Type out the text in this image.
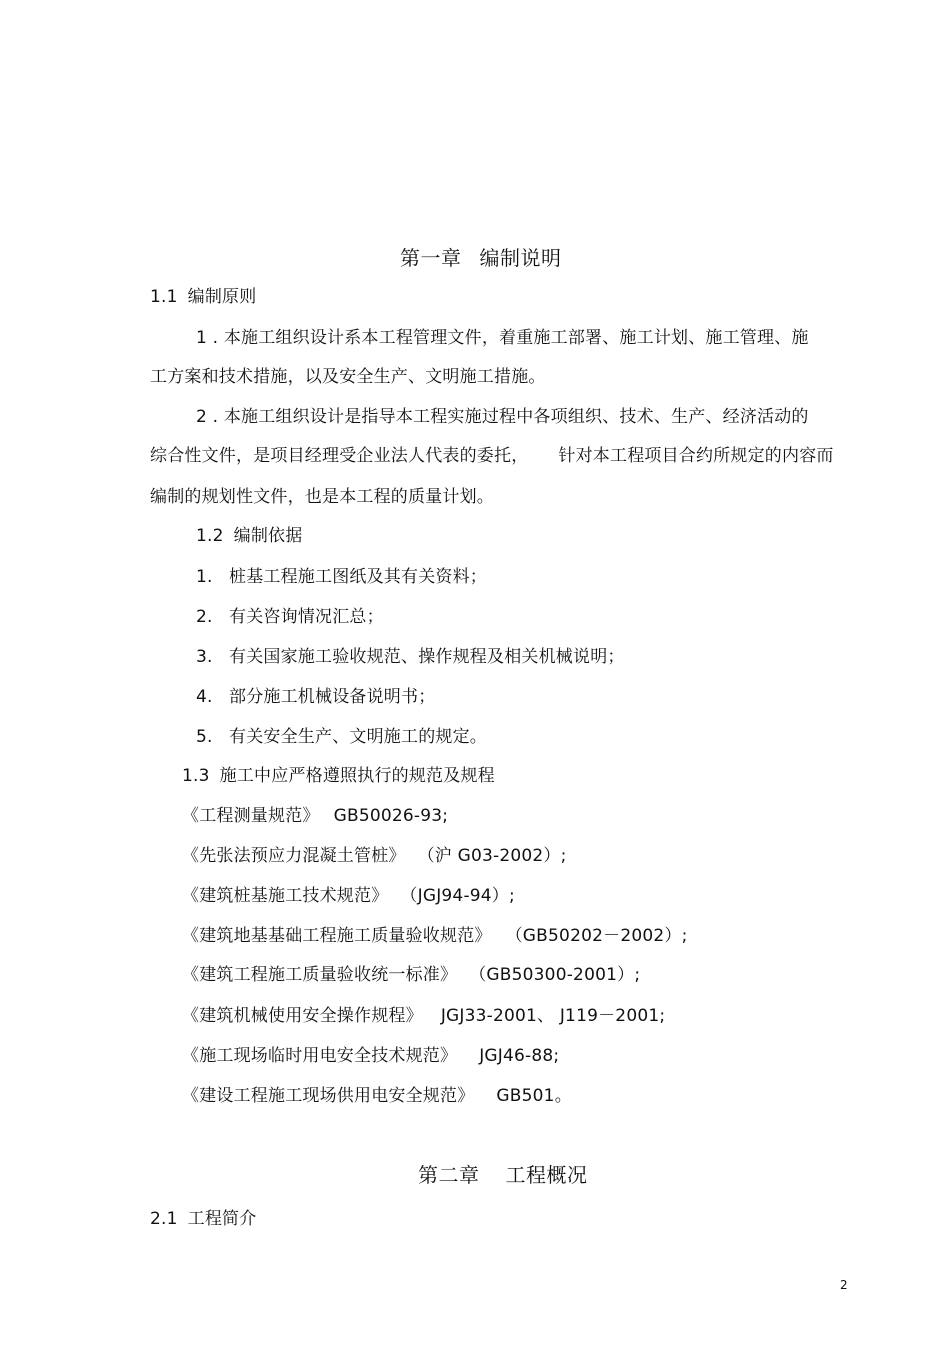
第一章 编制说明
1.1 编制原则
1 . 本施工组织设计系本工程管理文件，着重施工部署、施工计划、施工管理、施
工方案和技术措施，以及安全生产、文明施工措施。
2 . 本施工组织设计是指导本工程实施过程中各项组织、技术、生产、经济活动的
综合性文件，是项目经理受企业法人代表的委托， 针对本工程项目合约所规定的内容而
编制的规划性文件，也是本工程的质量计划。
1.2 编制依据
1. 桩基工程施工图纸及其有关资料；
2. 有关咨询情况汇总；
3. 有关国家施工验收规范、操作规程及相关机械说明；
4. 部分施工机械设备说明书；
5. 有关安全生产、文明施工的规定。
1.3 施工中应严格遵照执行的规范及规程
《工程测量规范》 GB50026-93;
《先张法预应力混凝土管桩》 （沪 G03-2002）;
《建筑桩基施工技术规范》 （JGJ94-94）;
《建筑地基基础工程施工质量验收规范》 （GB50202－2002）;
《建筑工程施工质量验收统一标准》 （GB50300-2001）;
《建筑机械使用安全操作规程》 JGJ33-2001、 J119－2001;
《施工现场临时用电安全技术规范》 JGJ46-88;
《建设工程施工现场供用电安全规范》 GB501。
第二章 工程概况
2.1 工程简介
2
